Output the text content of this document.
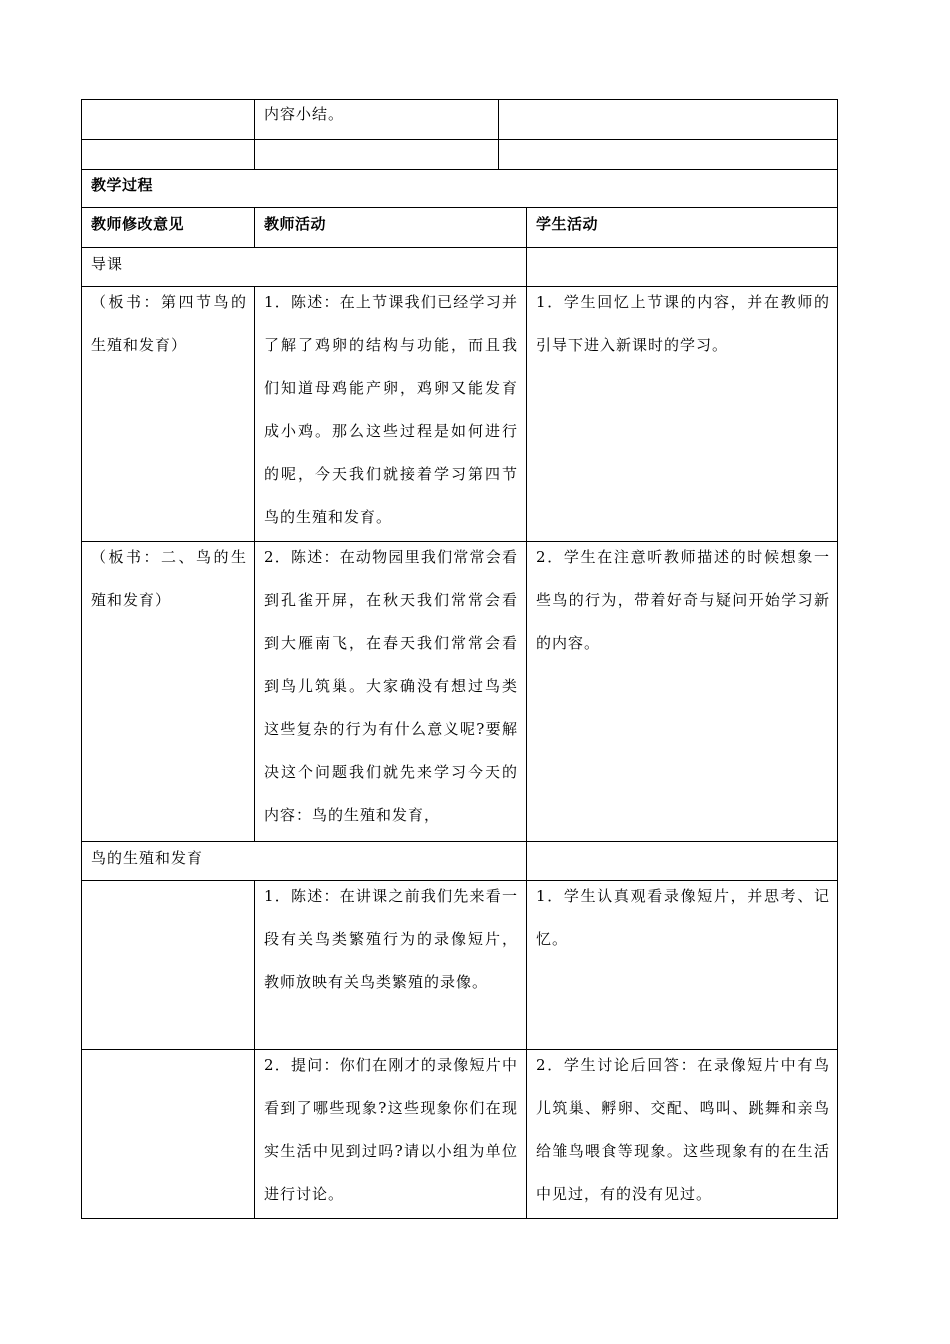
内容小结。
教学过程
教师修改意见	教师活动	学生活动
导课
（板书：第四节鸟的生殖和发育）
1．陈述：在上节课我们已经学习并了解了鸡卵的结构与功能，而且我们知道母鸡能产卵，鸡卵又能发育成小鸡。那么这些过程是如何进行的呢，今天我们就接着学习第四节鸟的生殖和发育。
1．学生回忆上节课的内容，并在教师的引导下进入新课时的学习。
（板书：二、鸟的生殖和发育）
2．陈述：在动物园里我们常常会看到孔雀开屏，在秋天我们常常会看到大雁南飞，在春天我们常常会看到鸟儿筑巢。大家确没有想过鸟类这些复杂的行为有什么意义呢?要解决这个问题我们就先来学习今天的内容：鸟的生殖和发育，
2．学生在注意听教师描述的时候想象一些鸟的行为，带着好奇与疑问开始学习新的内容。
鸟的生殖和发育
1．陈述：在讲课之前我们先来看一段有关鸟类繁殖行为的录像短片，教师放映有关鸟类繁殖的录像。
1．学生认真观看录像短片，并思考、记忆。
2．提问：你们在刚才的录像短片中看到了哪些现象?这些现象你们在现实生活中见到过吗?请以小组为单位进行讨论。
2．学生讨论后回答：在录像短片中有鸟儿筑巢、孵卵、交配、鸣叫、跳舞和亲鸟给雏鸟喂食等现象。这些现象有的在生活中见过，有的没有见过。
